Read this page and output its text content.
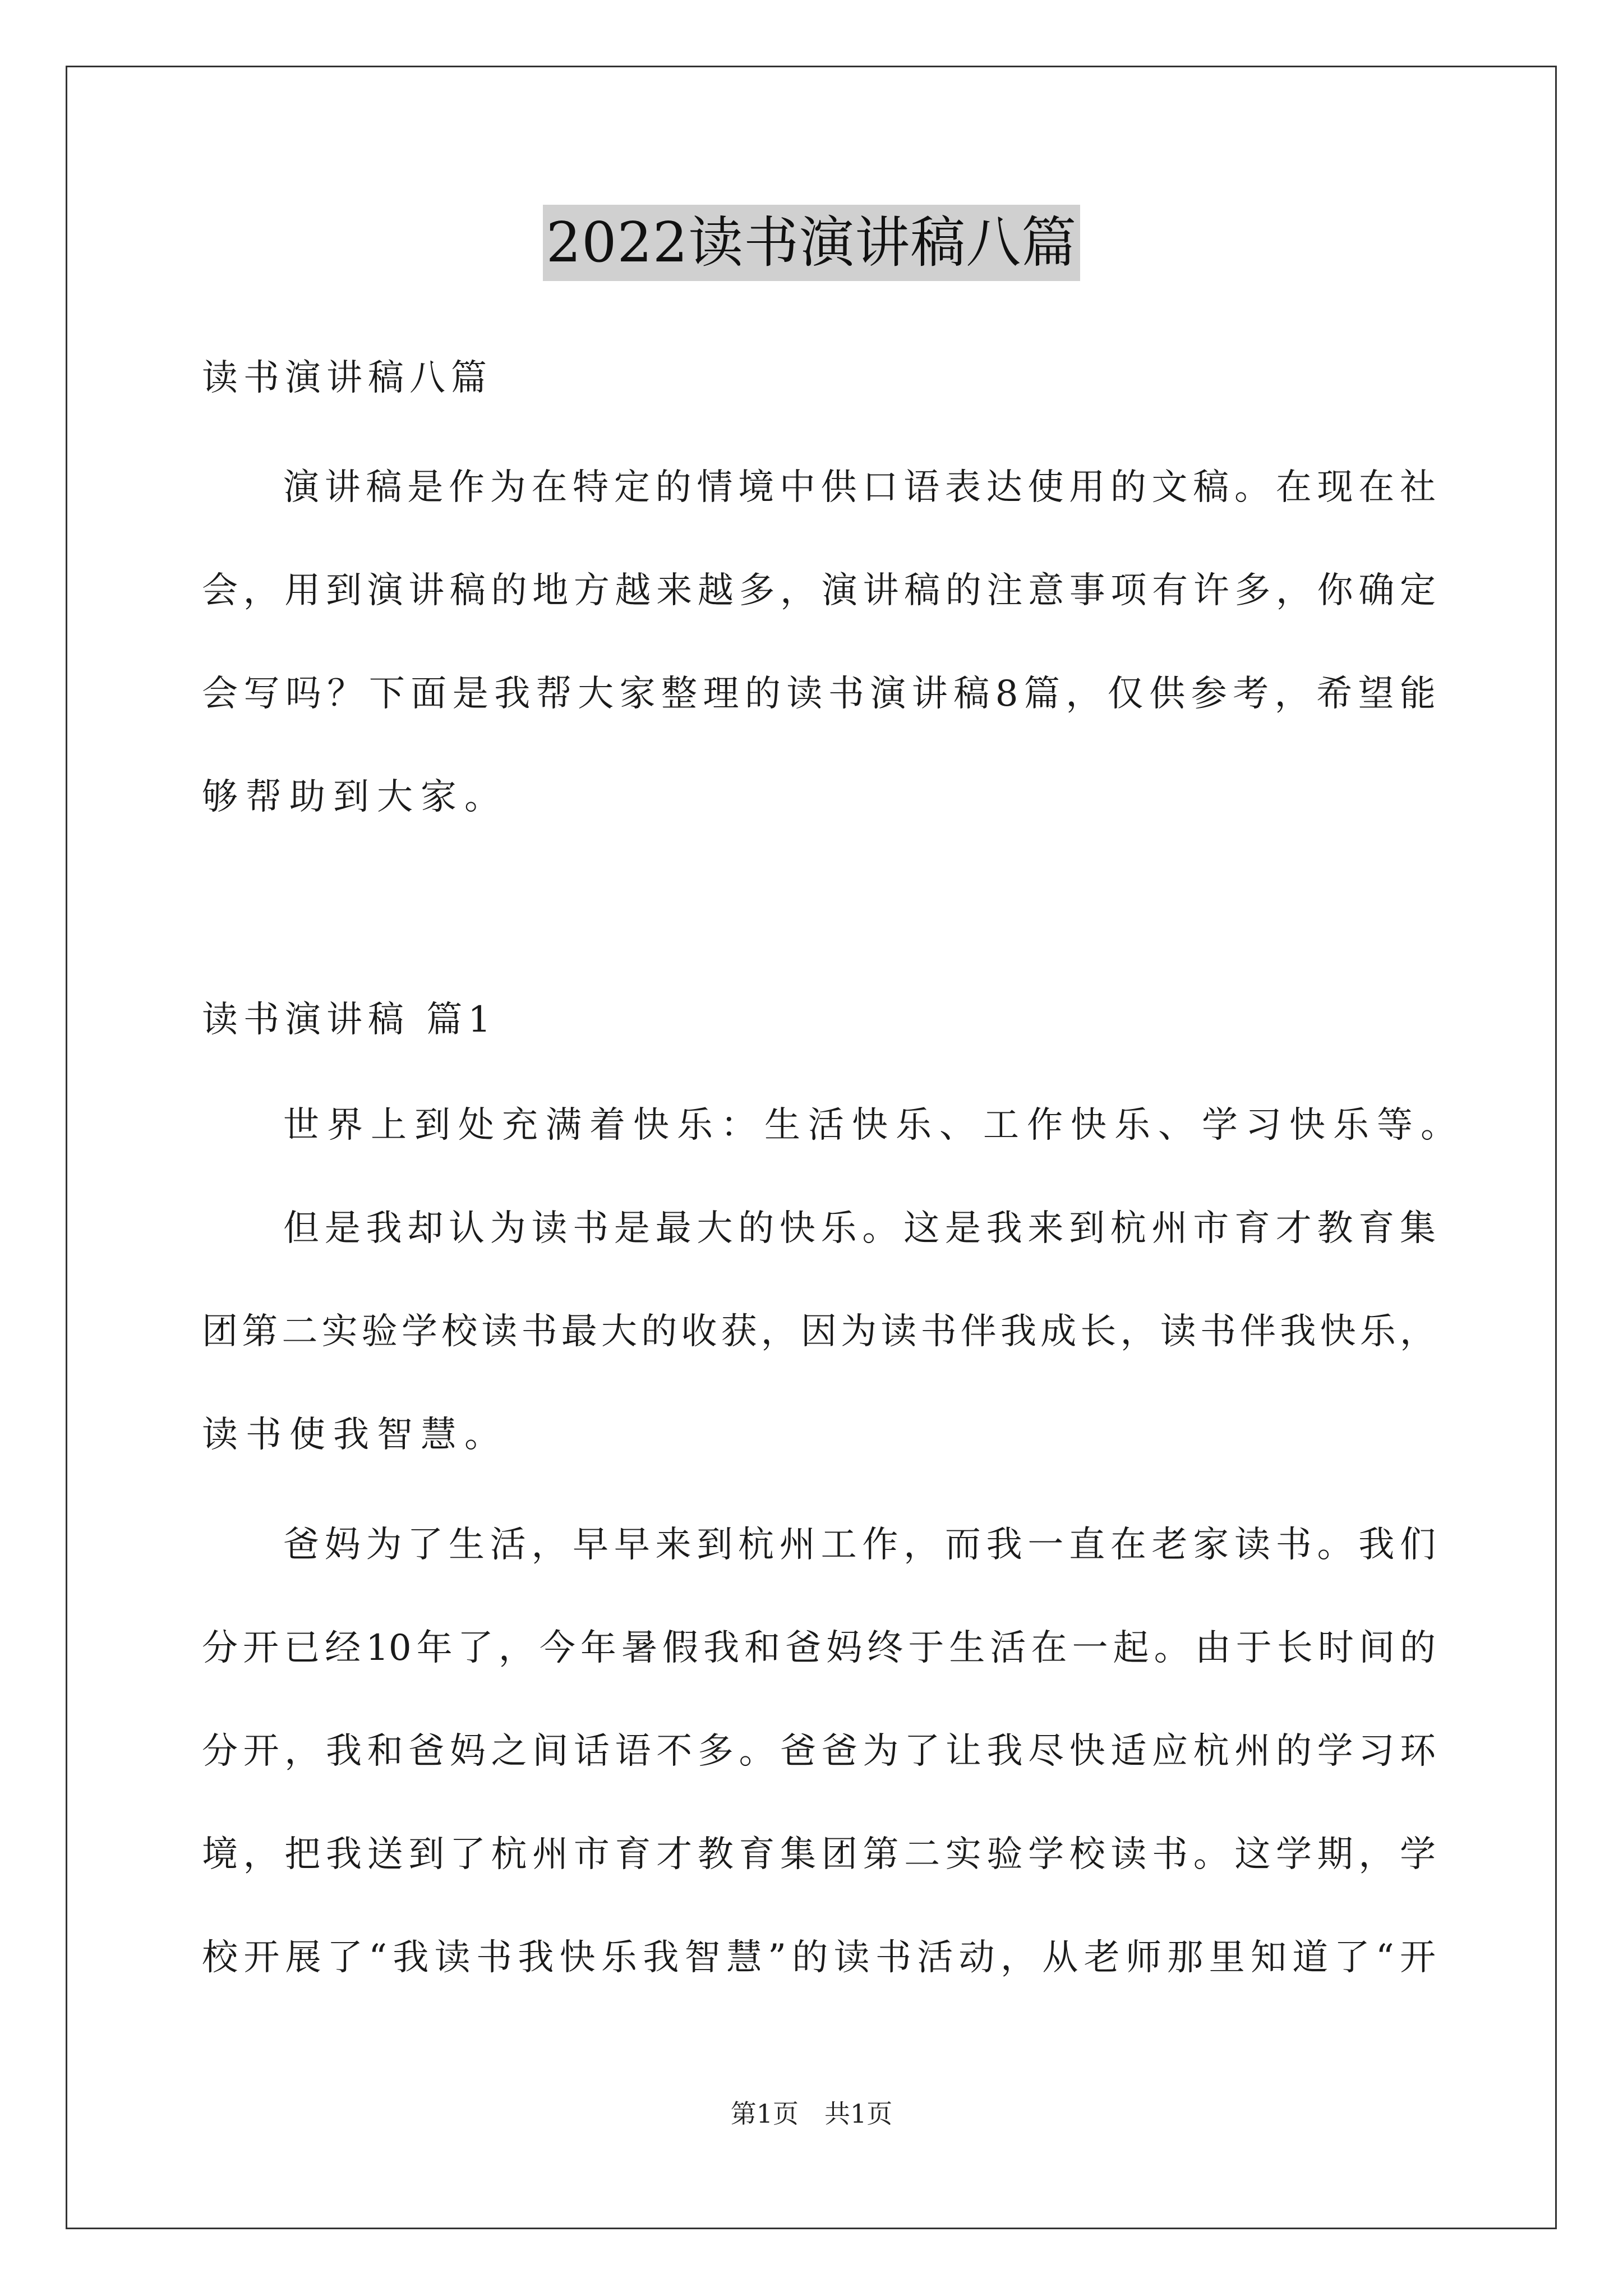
2022读书演讲稿八篇
读书演讲稿八篇
演讲稿是作为在特定的情境中供口语表达使用的文稿。在现在社
会，用到演讲稿的地方越来越多，演讲稿的注意事项有许多，你确定
会写吗？下面是我帮大家整理的读书演讲稿8篇，仅供参考，希望能
够帮助到大家。
读书演讲稿 篇1
世界上到处充满着快乐：生活快乐、工作快乐、学习快乐等。
但是我却认为读书是最大的快乐。这是我来到杭州市育才教育集
团第二实验学校读书最大的收获，因为读书伴我成长，读书伴我快乐，
读书使我智慧。
爸妈为了生活，早早来到杭州工作，而我一直在老家读书。我们
分开已经10年了，今年暑假我和爸妈终于生活在一起。由于长时间的
分开，我和爸妈之间话语不多。爸爸为了让我尽快适应杭州的学习环
境，把我送到了杭州市育才教育集团第二实验学校读书。这学期，学
校开展了“我读书我快乐我智慧”的读书活动，从老师那里知道了“开
第1页　共1页
